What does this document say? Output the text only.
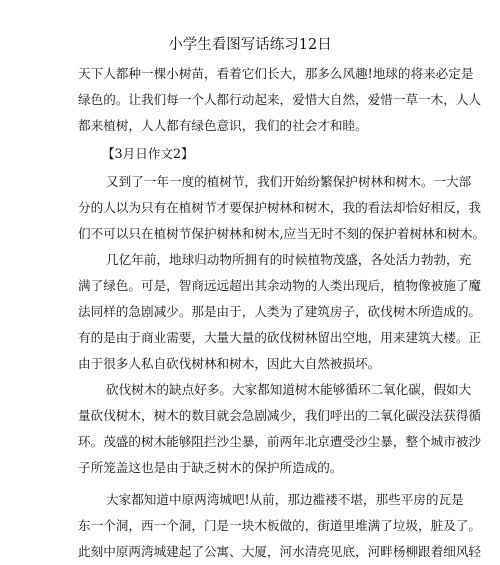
小学生看图写话练习12日
天下人都种一棵小树苗，看着它们长大，那多么风趣!地球的将来必定是
绿色的。让我们每一个人都行动起来，爱惜大自然，爱惜一草一木，人人
都来植树，人人都有绿色意识，我们的社会才和睦。
【3月日作文2】
又到了一年一度的植树节，我们开始纷繁保护树林和树木。一大部
分的人以为只有在植树节才要保护树林和树木，我的看法却恰好相反，我
们不可以只在植树节保护树林和树木,应当无时不刻的保护着树林和树木。
几亿年前，地球归动物所拥有的时候植物茂盛，各处活力勃勃，充
满了绿色。可是，智商远远超出其余动物的人类出现后，植物像被施了魔
法同样的急剧减少。那是由于，人类为了建筑房子，砍伐树木所造成的。
有的是由于商业需要，大量大量的砍伐树林留出空地，用来建筑大楼。正
由于很多人私自砍伐树林和树木，因此大自然被损坏。
砍伐树木的缺点好多。大家都知道树木能够循环二氧化碳，假如大
量砍伐树木，树木的数目就会急剧减少，我们呼出的二氧化碳没法获得循
环。茂盛的树木能够阻拦沙尘暴，前两年北京遭受沙尘暴，整个城市被沙
子所笼盖这也是由于缺乏树木的保护所造成的。
大家都知道中原两湾城吧!从前，那边褴褛不堪，那些平房的瓦是
东一个洞，西一个洞，门是一块木板做的，街道里堆满了垃圾，脏及了。
此刻中原两湾城建起了公寓、大厦，河水清亮见底，河畔杨柳跟着细风轻
